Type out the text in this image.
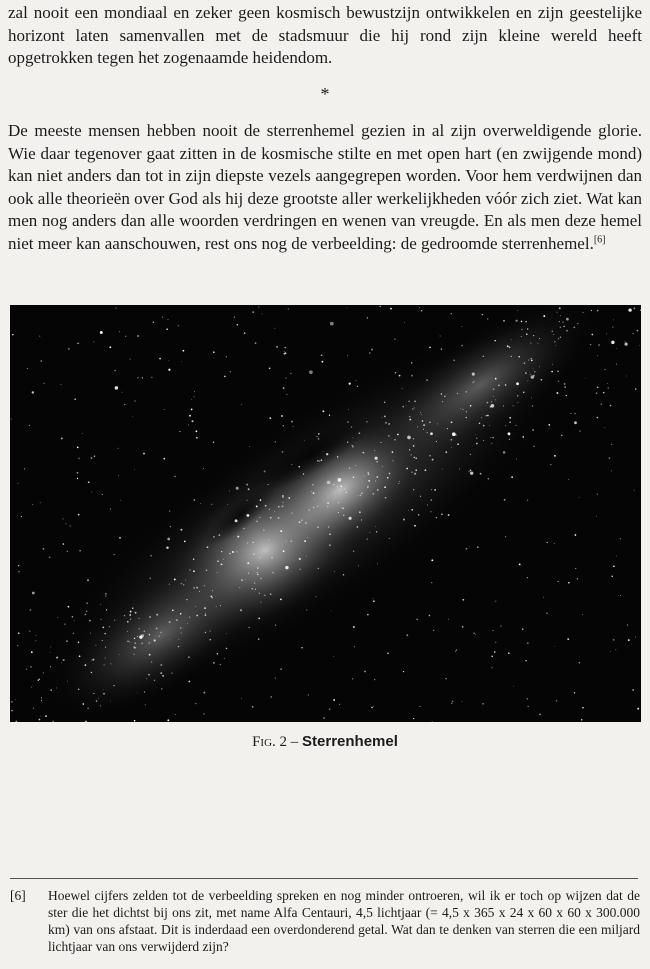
zal nooit een mondiaal en zeker geen kosmisch bewustzijn ontwikkelen en zijn geestelijke horizont laten samenvallen met de stadsmuur die hij rond zijn kleine wereld heeft opgetrokken tegen het zogenaamde heidendom.

*

De meeste mensen hebben nooit de sterrenhemel gezien in al zijn overweldigende glorie. Wie daar tegenover gaat zitten in de kosmische stilte en met open hart (en zwijgende mond) kan niet anders dan tot in zijn diepste vezels aangegrepen worden. Voor hem verdwijnen dan ook alle theorieën over God als hij deze grootste aller werkelijkheden vóór zich ziet. Wat kan men nog anders dan alle woorden verdringen en wenen van vreugde. En als men deze hemel niet meer kan aanschouwen, rest ons nog de verbeelding: de gedroomde sterrenhemel.[6]

Fig. 2 – Sterrenhemel
[6] Hoewel cijfers zelden tot de verbeelding spreken en nog minder ontroeren, wil ik er toch op wijzen dat de ster die het dichtst bij ons zit, met name Alfa Centauri, 4,5 lichtjaar (= 4,5 x 365 x 24 x 60 x 60 x 300.000 km) van ons afstaat. Dit is inderdaad een overdonderend getal. Wat dan te denken van sterren die een miljard lichtjaar van ons verwijderd zijn?
